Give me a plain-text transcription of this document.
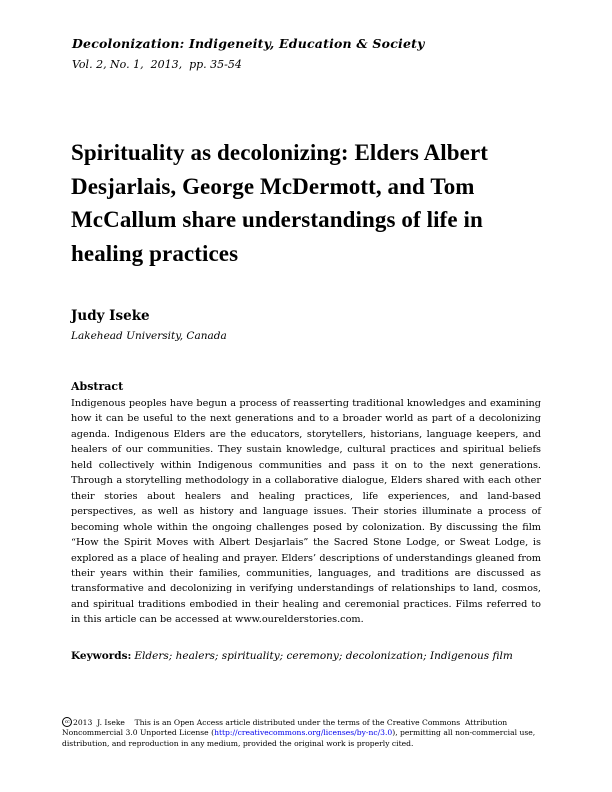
Decolonization: Indigeneity, Education & Society
Vol. 2, No. 1,  2013,  pp. 35-54
Spirituality as decolonizing: Elders Albert
Desjarlais, George McDermott, and Tom
McCallum share understandings of life in
healing practices
Judy Iseke
Lakehead University, Canada
Abstract

Indigenous peoples have begun a process of reasserting traditional knowledges and examining how it can be useful to the next generations and to a broader world as part of a decolonizing agenda. Indigenous Elders are the educators, storytellers, historians, language keepers, and healers of our communities. They sustain knowledge, cultural practices and spiritual beliefs held collectively within Indigenous communities and pass it on to the next generations. Through a storytelling methodology in a collaborative dialogue, Elders shared with each other their stories about healers and healing practices, life experiences, and land-based perspectives, as well as history and language issues. Their stories illuminate a process of becoming whole within the ongoing challenges posed by colonization. By discussing the film “How the Spirit Moves with Albert Desjarlais” the Sacred Stone Lodge, or Sweat Lodge, is explored as a place of healing and prayer. Elders’ descriptions of understandings gleaned from their years within their families, communities, languages, and traditions are discussed as transformative and decolonizing in verifying understandings of relationships to land, cosmos, and spiritual traditions embodied in their healing and ceremonial practices. Films referred to in this article can be accessed at www.ourelderstories.com.

Keywords: Elders; healers; spirituality; ceremony; decolonization; Indigenous film
cc 2013  J. Iseke    This is an Open Access article distributed under the terms of the Creative Commons  Attribution Noncommercial 3.0 Unported License (http://creativecommons.org/licenses/by-nc/3.0), permitting all non-commercial use, distribution, and reproduction in any medium, provided the original work is properly cited.
